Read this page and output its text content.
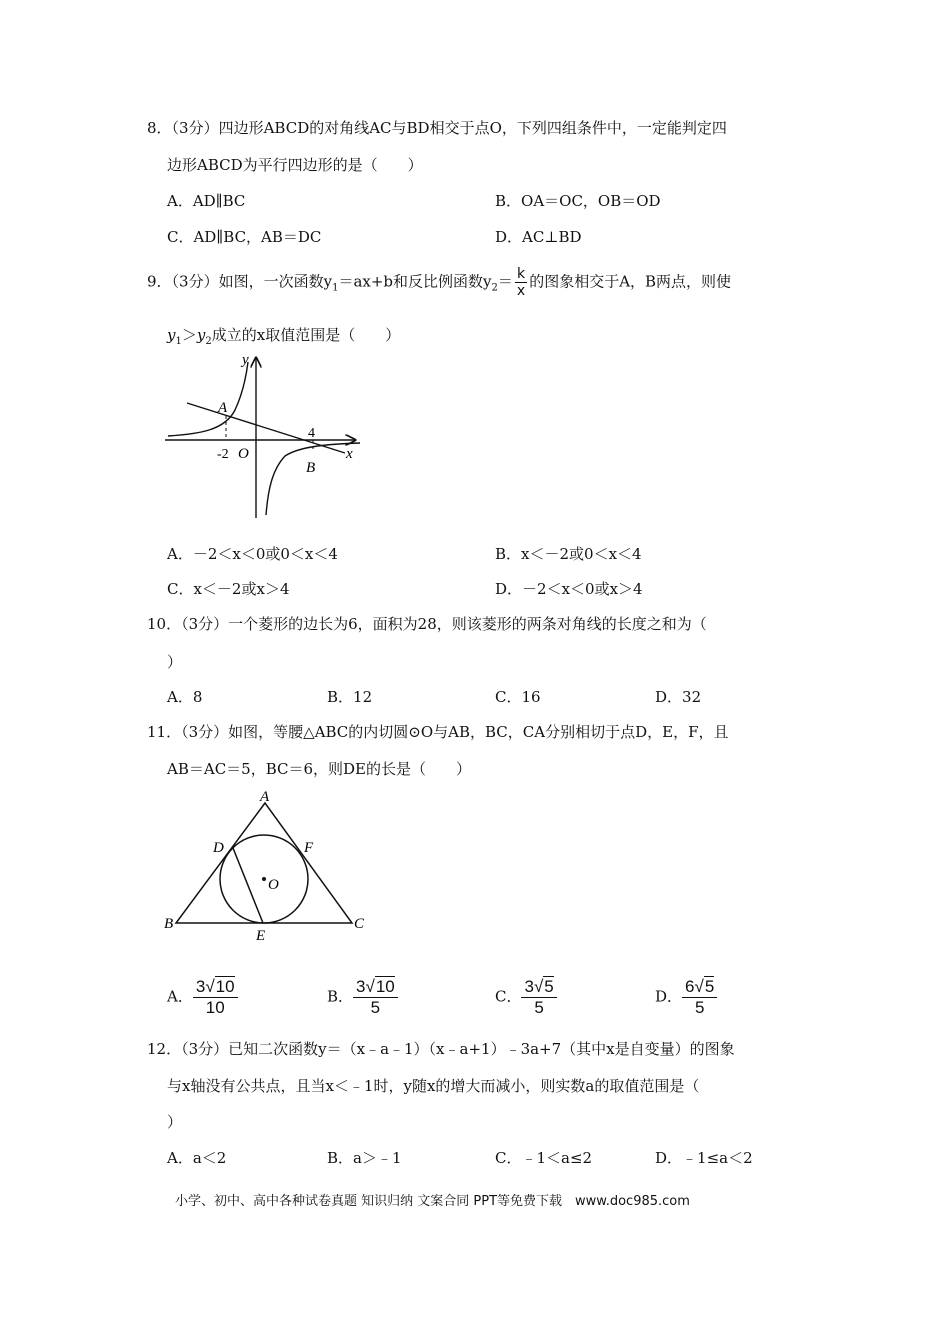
8．（3分）四边形ABCD的对角线AC与BD相交于点O，下列四组条件中，一定能判定四
边形ABCD为平行四边形的是（　　）
A．AD∥BC	B．OA＝OC，OB＝OD
C．AD∥BC，AB＝DC	D．AC⊥BD
9．（3分）如图，一次函数$y_1=ax+b$和反比例函数$y_2= \frac{k}{x}$ 的图象相交于A，B两点，则使
$y_1>y_2$成立的x取值范围是（　　）
y
x
A
B
O
-2
4
A．－2＜x＜0或0＜x＜4	B．x＜－2或0＜x＜4
C．x＜－2或x＞4	D．－2＜x＜0或x＞4
10．（3分）一个菱形的边长为6，面积为28，则该菱形的两条对角线的长度之和为（
）
A．8	B．12	C．16	D．32
11．（3分）如图，等腰△ABC的内切圆⊙O与AB，BC，CA分别相切于点D，E，F，且
AB＝AC＝5，BC＝6，则DE的长是（　　）
A
B	C
D
E
F
O
A． $\frac{3√10}{10}$	B． $\frac{3√10}{5}$	C． $\frac{3√5}{5}$	D． $\frac{6√5}{5}$
12．（3分）已知二次函数y＝（x﹣a﹣1）（x﹣a+1）﹣3a+7（其中x是自变量）的图象
与x轴没有公共点，且当x＜﹣1时，y随x的增大而减小，则实数a的取值范围是（
）
A．a＜2	B．a＞﹣1	C．﹣1＜a≤2	D．﹣1≤a＜2
小学、初中、高中各种试卷真题 知识归纳 文案合同 PPT等免费下载　www.doc985.com
